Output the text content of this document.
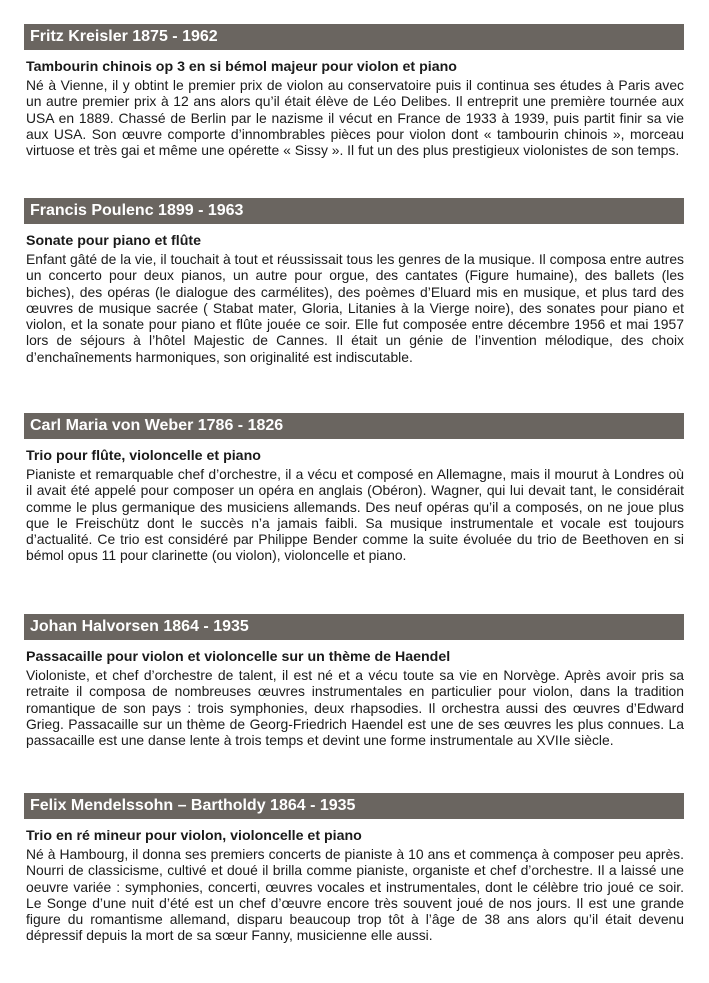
Fritz Kreisler 1875 - 1962
Tambourin chinois op 3 en si bémol majeur pour violon et piano

Né à Vienne, il y obtint le premier prix de violon au conservatoire puis il continua ses études à Paris avec un autre premier prix à 12 ans alors qu’il était élève de Léo Delibes. Il entreprit une première tournée aux USA en 1889. Chassé de Berlin par le nazisme il vécut en France de 1933 à 1939, puis partit finir sa vie aux USA. Son œuvre comporte d’innombrables pièces pour violon dont « tambourin chinois », morceau virtuose et très gai et même une opérette « Sissy ». Il fut un des plus prestigieux violonistes de son temps.

Francis Poulenc 1899 - 1963
Sonate pour piano et flûte

Enfant gâté de la vie, il touchait à tout et réussissait tous les genres de la musique. Il composa entre autres un concerto pour deux pianos, un autre pour orgue, des cantates (Figure humaine), des ballets (les biches), des opéras (le dialogue des carmélites), des poèmes d’Eluard mis en musique, et plus tard des œuvres de musique sacrée ( Stabat mater, Gloria, Litanies à la Vierge noire), des sonates pour piano et violon, et la sonate pour piano et flûte jouée ce soir. Elle fut composée entre décembre 1956 et mai 1957 lors de séjours à l’hôtel Majestic de Cannes. Il était un génie de l’invention mélodique, des choix d’enchaînements harmoniques, son originalité est indiscutable.

Carl Maria von Weber 1786 - 1826
Trio pour flûte, violoncelle et piano

Pianiste et remarquable chef d’orchestre, il a vécu et composé en Allemagne, mais il mourut à Londres où il avait été appelé pour composer un opéra en anglais (Obéron). Wagner, qui lui devait tant, le considérait comme le plus germanique des musiciens allemands. Des neuf opéras qu’il a composés, on ne joue plus que le Freischütz dont le succès n’a jamais faibli. Sa musique instrumentale et vocale est toujours d’actualité. Ce trio est considéré par Philippe Bender comme la suite évoluée du trio de Beethoven en si bémol opus 11 pour clarinette (ou violon), violoncelle et piano.

Johan Halvorsen 1864 - 1935
Passacaille pour violon et violoncelle sur un thème de Haendel

Violoniste, et chef d’orchestre de talent, il est né et a vécu toute sa vie en Norvège. Après avoir pris sa retraite il composa de nombreuses œuvres instrumentales en particulier pour violon, dans la tradition romantique de son pays : trois symphonies, deux rhapsodies. Il orchestra aussi des œuvres d’Edward Grieg. Passacaille sur un thème de Georg-Friedrich Haendel est une de ses œuvres les plus connues. La passacaille est une danse lente à trois temps et devint une forme instrumentale au XVIIe siècle.

Felix Mendelssohn – Bartholdy 1864 - 1935
Trio en ré mineur pour violon, violoncelle et piano

Né à Hambourg, il donna ses premiers concerts de pianiste à 10 ans et commença à composer peu après. Nourri de classicisme, cultivé et doué il brilla comme pianiste, organiste et chef d’orchestre. Il a laissé une oeuvre variée : symphonies, concerti, œuvres vocales et instrumentales, dont le célèbre trio joué ce soir. Le Songe d’une nuit d’été est un chef d’œuvre encore très souvent joué de nos jours. Il est une grande figure du romantisme allemand, disparu beaucoup trop tôt à l’âge de 38 ans alors qu’il était devenu dépressif depuis la mort de sa sœur Fanny, musicienne elle aussi.
